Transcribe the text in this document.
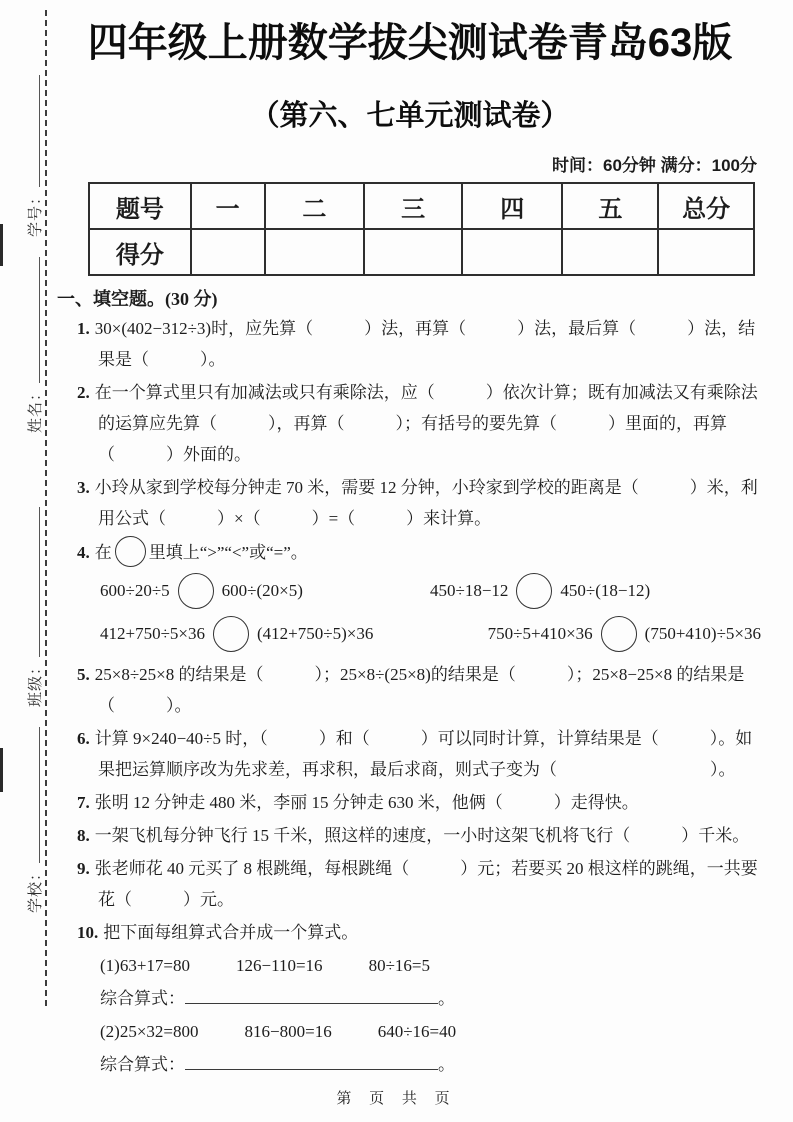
学号：
姓名：
班级：
学校：
四年级上册数学拔尖测试卷青岛63版
（第六、七单元测试卷）
时间：60分钟 满分：100分
题号	一	二	三	四	五	总分
得分						
一、填空题。(30 分)

1. 30×(402−312÷3)时，应先算（　　　）法，再算（　　　）法，最后算（　　　）法，结果是（　　　）。

2. 在一个算式里只有加减法或只有乘除法，应（　　　）依次计算；既有加减法又有乘除法的运算应先算（　　　），再算（　　　）；有括号的要先算（　　　）里面的，再算（　　　）外面的。

3. 小玲从家到学校每分钟走 70 米，需要 12 分钟，小玲家到学校的距离是（　　　）米，利用公式（　　　）×（　　　）=（　　　）来计算。

4. 在 里填上“>”“<”或“=”。

600÷20÷5	600÷(20×5)	450÷18−12	450÷(18−12)
412+750÷5×36	(412+750÷5)×36	750÷5+410×36	(750+410)÷5×36

5. 25×8÷25×8 的结果是（　　　）；25×8÷(25×8)的结果是（　　　）；25×8−25×8 的结果是（　　　）。

6. 计算 9×240−40÷5 时，（　　　）和（　　　）可以同时计算，计算结果是（　　　）。如果把运算顺序改为先求差，再求积，最后求商，则式子变为（　　　　　　　　　）。

7. 张明 12 分钟走 480 米，李丽 15 分钟走 630 米，他俩（　　　）走得快。

8. 一架飞机每分钟飞行 15 千米，照这样的速度，一小时这架飞机将飞行（　　　）千米。

9. 张老师花 40 元买了 8 根跳绳，每根跳绳（　　　）元；若要买 20 根这样的跳绳，一共要花（　　　）元。

10. 把下面每组算式合并成一个算式。

(1) 63+17=80	126−110=16	80÷16=5
综合算式：	。
(2) 25×32=800	816−800=16	640÷16=40
综合算式：	。
第 页 共 页
